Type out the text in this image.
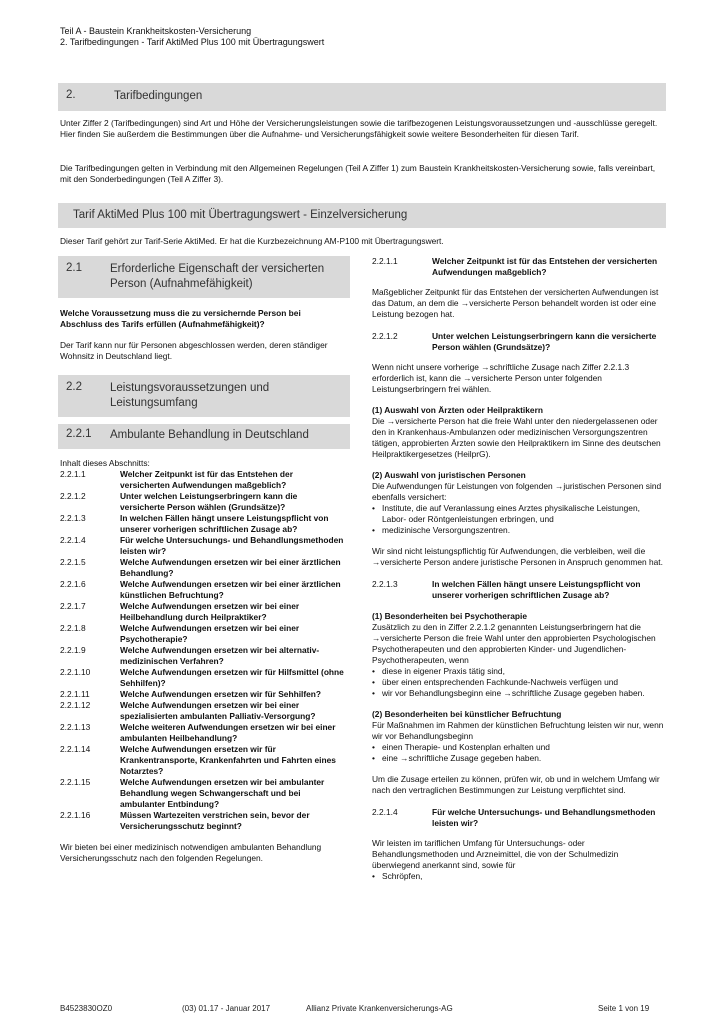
Teil A - Baustein Krankheitskosten-Versicherung
2. Tarifbedingungen - Tarif AktiMed Plus 100 mit Übertragungswert
2.	Tarifbedingungen
Unter Ziffer 2 (Tarifbedingungen) sind Art und Höhe der Versicherungsleistungen sowie die tarifbezogenen Leistungsvoraussetzungen und -ausschlüsse geregelt. Hier finden Sie außerdem die Bestimmungen über die Aufnahme- und Versicherungsfähigkeit sowie weitere Besonderheiten für diesen Tarif.
Die Tarifbedingungen gelten in Verbindung mit den Allgemeinen Regelungen (Teil A Ziffer 1) zum Baustein Krankheitskosten-Versicherung sowie, falls vereinbart, mit den Sonderbedingungen (Teil A Ziffer 3).
Tarif AktiMed Plus 100 mit Übertragungswert - Einzelversicherung
Dieser Tarif gehört zur Tarif-Serie AktiMed. Er hat die Kurzbezeichnung AM-P100 mit Übertragungswert.
2.1 Erforderliche Eigenschaft der versicherten Person (Aufnahmefähigkeit)
Welche Voraussetzung muss die zu versichernde Person bei Abschluss des Tarifs erfüllen (Aufnahmefähigkeit)?
Der Tarif kann nur für Personen abgeschlossen werden, deren ständiger Wohnsitz in Deutschland liegt.
2.2 Leistungsvoraussetzungen und Leistungsumfang
2.2.1 Ambulante Behandlung in Deutschland
Inhalt dieses Abschnitts:
2.2.1.1	Welcher Zeitpunkt ist für das Entstehen der versicherten Aufwendungen maßgeblich?
2.2.1.2	Unter welchen Leistungserbringern kann die versicherte Person wählen (Grundsätze)?
2.2.1.3	In welchen Fällen hängt unsere Leistungspflicht von unserer vorherigen schriftlichen Zusage ab?
2.2.1.4	Für welche Untersuchungs- und Behandlungsmethoden leisten wir?
2.2.1.5	Welche Aufwendungen ersetzen wir bei einer ärztlichen Behandlung?
2.2.1.6	Welche Aufwendungen ersetzen wir bei einer ärztlichen künstlichen Befruchtung?
2.2.1.7	Welche Aufwendungen ersetzen wir bei einer Heilbehandlung durch Heilpraktiker?
2.2.1.8	Welche Aufwendungen ersetzen wir bei einer Psychotherapie?
2.2.1.9	Welche Aufwendungen ersetzen wir bei alternativ-medizinischen Verfahren?
2.2.1.10	Welche Aufwendungen ersetzen wir für Hilfsmittel (ohne Sehhilfen)?
2.2.1.11	Welche Aufwendungen ersetzen wir für Sehhilfen?
2.2.1.12	Welche Aufwendungen ersetzen wir bei einer spezialisierten ambulanten Palliativ-Versorgung?
2.2.1.13	Welche weiteren Aufwendungen ersetzen wir bei einer ambulanten Heilbehandlung?
2.2.1.14	Welche Aufwendungen ersetzen wir für Krankentransporte, Krankenfahrten und Fahrten eines Notarztes?
2.2.1.15	Welche Aufwendungen ersetzen wir bei ambulanter Behandlung wegen Schwangerschaft und bei ambulanter Entbindung?
2.2.1.16	Müssen Wartezeiten verstrichen sein, bevor der Versicherungsschutz beginnt?
Wir bieten bei einer medizinisch notwendigen ambulanten Behandlung Versicherungsschutz nach den folgenden Regelungen.
2.2.1.1	Welcher Zeitpunkt ist für das Entstehen der versicherten Aufwendungen maßgeblich?
Maßgeblicher Zeitpunkt für das Entstehen der versicherten Aufwendungen ist das Datum, an dem die →versicherte Person behandelt worden ist oder eine Leistung bezogen hat.
2.2.1.2	Unter welchen Leistungserbringern kann die versicherte Person wählen (Grundsätze)?
Wenn nicht unsere vorherige →schriftliche Zusage nach Ziffer 2.2.1.3 erforderlich ist, kann die →versicherte Person unter folgenden Leistungserbringern frei wählen.
(1) Auswahl von Ärzten oder Heilpraktikern
Die →versicherte Person hat die freie Wahl unter den niedergelassenen oder den in Krankenhaus-Ambulanzen oder medizinischen Versorgungszentren tätigen, approbierten Ärzten sowie den Heilpraktikern im Sinne des deutschen Heilpraktikergesetzes (HeilprG).
(2) Auswahl von juristischen Personen
Die Aufwendungen für Leistungen von folgenden →juristischen Personen sind ebenfalls versichert:
• Institute, die auf Veranlassung eines Arztes physikalische Leistungen, Labor- oder Röntgenleistungen erbringen, und
• medizinische Versorgungszentren.
Wir sind nicht leistungspflichtig für Aufwendungen, die verbleiben, weil die →versicherte Person andere juristische Personen in Anspruch genommen hat.
2.2.1.3	In welchen Fällen hängt unsere Leistungspflicht von unserer vorherigen schriftlichen Zusage ab?
(1) Besonderheiten bei Psychotherapie
Zusätzlich zu den in Ziffer 2.2.1.2 genannten Leistungserbringern hat die →versicherte Person die freie Wahl unter den approbierten Psychologischen Psychotherapeuten und den approbierten Kinder- und Jugendlichen-Psychotherapeuten, wenn
• diese in eigener Praxis tätig sind,
• über einen entsprechenden Fachkunde-Nachweis verfügen und
• wir vor Behandlungsbeginn eine →schriftliche Zusage gegeben haben.
(2) Besonderheiten bei künstlicher Befruchtung
Für Maßnahmen im Rahmen der künstlichen Befruchtung leisten wir nur, wenn wir vor Behandlungsbeginn
• einen Therapie- und Kostenplan erhalten und
• eine →schriftliche Zusage gegeben haben.
Um die Zusage erteilen zu können, prüfen wir, ob und in welchem Umfang wir nach den vertraglichen Bestimmungen zur Leistung verpflichtet sind.
2.2.1.4	Für welche Untersuchungs- und Behandlungsmethoden leisten wir?
Wir leisten im tariflichen Umfang für Untersuchungs- oder Behandlungsmethoden und Arzneimittel, die von der Schulmedizin überwiegend anerkannt sind, sowie für
• Schröpfen,
B4523830OZ0	(03) 01.17 - Januar 2017	Allianz Private Krankenversicherungs-AG	Seite 1 von 19
